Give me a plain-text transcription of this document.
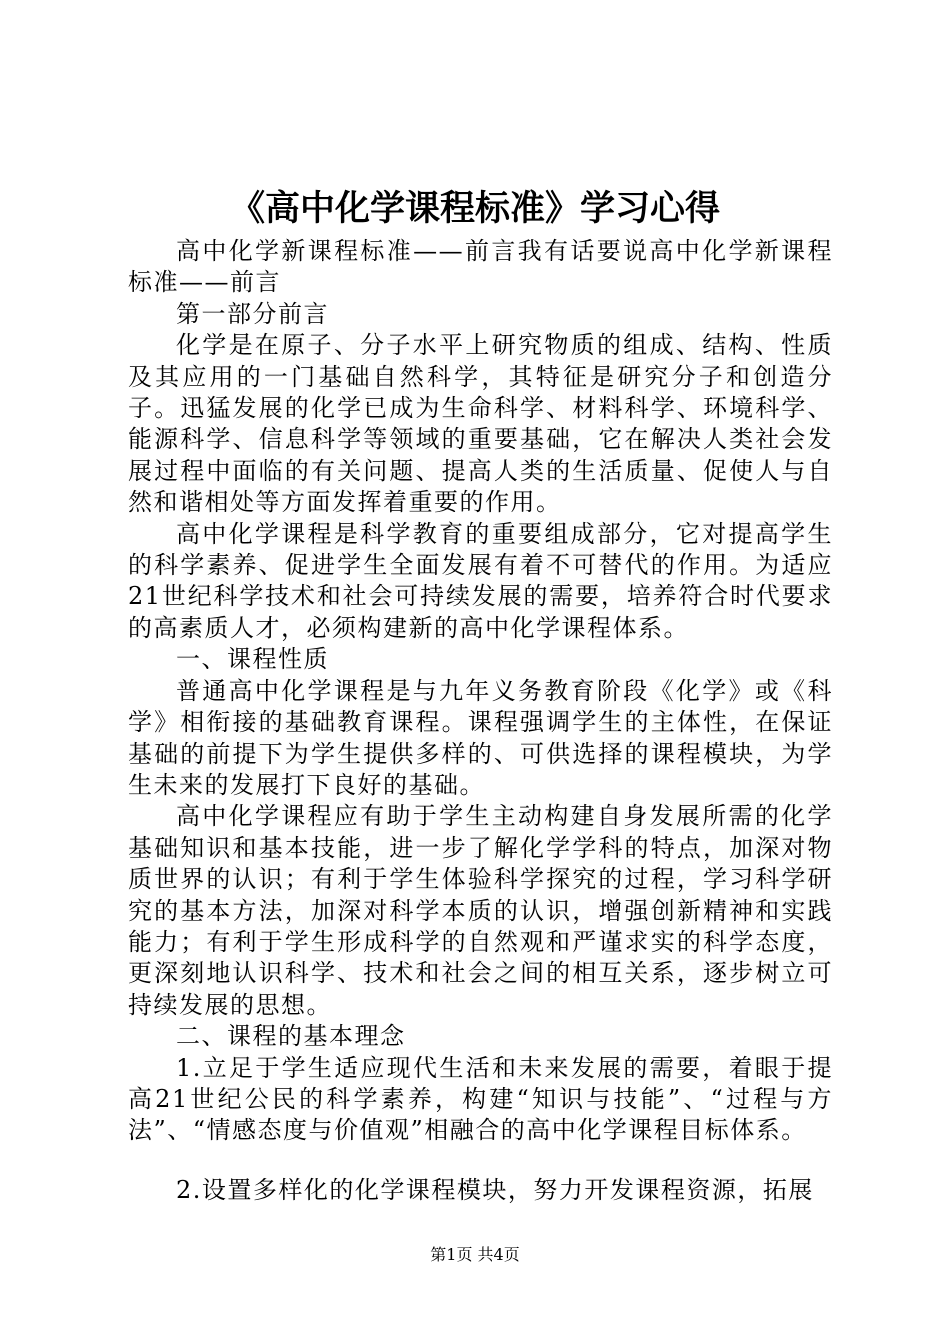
《高中化学课程标准》学习心得

高中化学新课程标准——前言我有话要说高中化学新课程标准——前言

第一部分前言

化学是在原子、分子水平上研究物质的组成、结构、性质及其应用的一门基础自然科学，其特征是研究分子和创造分子。迅猛发展的化学已成为生命科学、材料科学、环境科学、能源科学、信息科学等领域的重要基础，它在解决人类社会发展过程中面临的有关问题、提高人类的生活质量、促使人与自然和谐相处等方面发挥着重要的作用。

高中化学课程是科学教育的重要组成部分，它对提高学生的科学素养、促进学生全面发展有着不可替代的作用。为适应21世纪科学技术和社会可持续发展的需要，培养符合时代要求的高素质人才，必须构建新的高中化学课程体系。

一、课程性质

普通高中化学课程是与九年义务教育阶段《化学》或《科学》相衔接的基础教育课程。课程强调学生的主体性，在保证基础的前提下为学生提供多样的、可供选择的课程模块，为学生未来的发展打下良好的基础。

高中化学课程应有助于学生主动构建自身发展所需的化学基础知识和基本技能，进一步了解化学学科的特点，加深对物质世界的认识；有利于学生体验科学探究的过程，学习科学研究的基本方法，加深对科学本质的认识，增强创新精神和实践能力；有利于学生形成科学的自然观和严谨求实的科学态度，更深刻地认识科学、技术和社会之间的相互关系，逐步树立可持续发展的思想。

二、课程的基本理念

1.立足于学生适应现代生活和未来发展的需要，着眼于提高21世纪公民的科学素养，构建“知识与技能”、“过程与方法”、“情感态度与价值观”相融合的高中化学课程目标体系。

2.设置多样化的化学课程模块，努力开发课程资源，拓展

第1页 共4页
